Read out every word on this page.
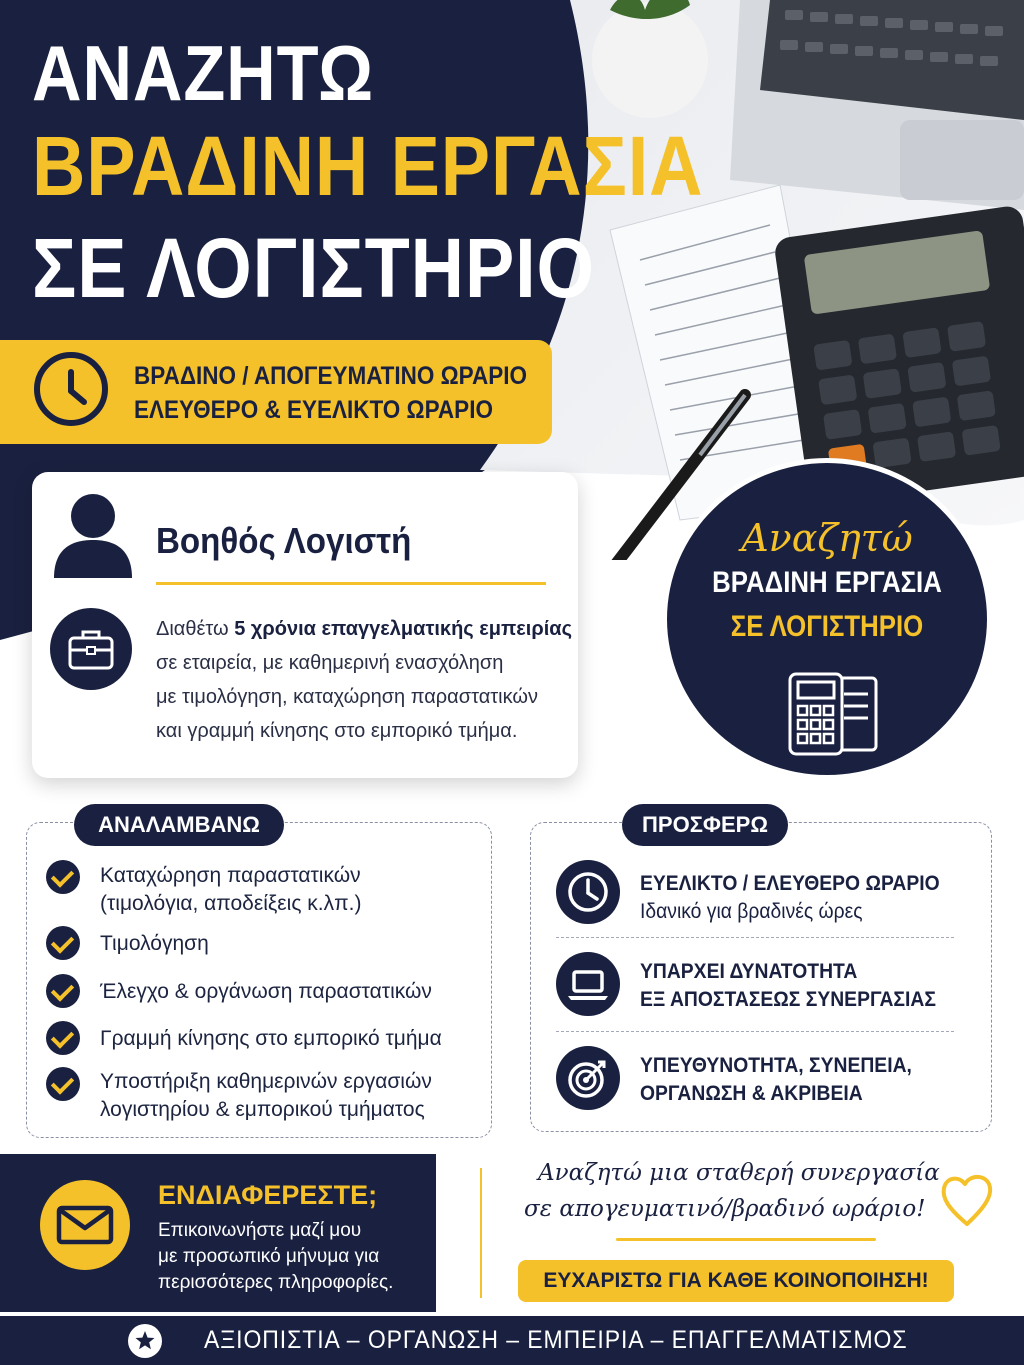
ΑΝΑΖΗΤΩ
ΒΡΑΔΙΝΗ ΕΡΓΑΣΙΑ
ΣΕ ΛΟΓΙΣΤΗΡΙΟ
ΒΡΑΔΙΝΟ / ΑΠΟΓΕΥΜΑΤΙΝΟ ΩΡΑΡΙΟ
ΕΛΕΥΘΕΡΟ & ΕΥΕΛΙΚΤΟ ΩΡΑΡΙΟ
Βοηθός Λογιστή
Διαθέτω 5 χρόνια επαγγελματικής εμπειρίας
σε εταιρεία, με καθημερινή ενασχόληση
με τιμολόγηση, καταχώρηση παραστατικών
και γραμμή κίνησης στο εμπορικό τμήμα.
Αναζητώ
ΒΡΑΔΙΝΗ ΕΡΓΑΣΙΑ
ΣΕ ΛΟΓΙΣΤΗΡΙΟ
ΑΝΑΛΑΜΒΑΝΩ
Καταχώρηση παραστατικών
(τιμολόγια, αποδείξεις κ.λπ.)
Τιμολόγηση
Έλεγχο & οργάνωση παραστατικών
Γραμμή κίνησης στο εμπορικό τμήμα
Υποστήριξη καθημερινών εργασιών
λογιστηρίου & εμπορικού τμήματος
ΠΡΟΣΦΕΡΩ
ΕΥΕΛΙΚΤΟ / ΕΛΕΥΘΕΡΟ ΩΡΑΡΙΟ
Ιδανικό για βραδινές ώρες
ΥΠΑΡΧΕΙ ΔΥΝΑΤΟΤΗΤΑ
ΕΞ ΑΠΟΣΤΑΣΕΩΣ ΣΥΝΕΡΓΑΣΙΑΣ
ΥΠΕΥΘΥΝΟΤΗΤΑ, ΣΥΝΕΠΕΙΑ,
ΟΡΓΑΝΩΣΗ & ΑΚΡΙΒΕΙΑ
ΕΝΔΙΑΦΕΡΕΣΤΕ;
Επικοινωνήστε μαζί μου
με προσωπικό μήνυμα για
περισσότερες πληροφορίες.
Αναζητώ μια σταθερή συνεργασία
σε απογευματινό/βραδινό ωράριο!
ΕΥΧΑΡΙΣΤΩ ΓΙΑ ΚΑΘΕ ΚΟΙΝΟΠΟΙΗΣΗ!
ΑΞΙΟΠΙΣΤΙΑ – ΟΡΓΑΝΩΣΗ – ΕΜΠΕΙΡΙΑ – ΕΠΑΓΓΕΛΜΑΤΙΣΜΟΣ
